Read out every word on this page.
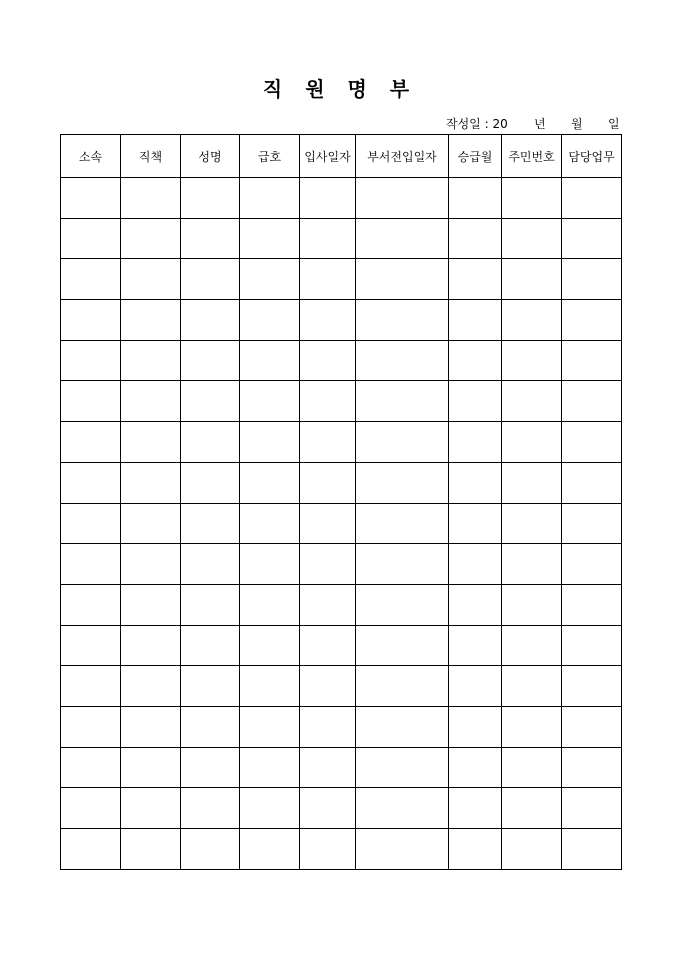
직 원 명 부
작성일 : 20 년 월 일
소속	직책	성명	급호	입사일자	부서전입일자	승급월	주민번호	담당업무
